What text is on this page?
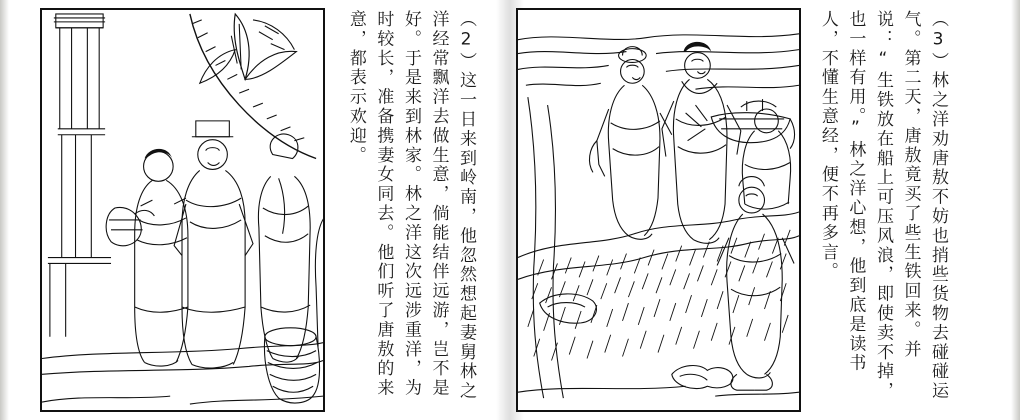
（2）这一日来到岭南，他忽然想起妻舅林之洋经常飘洋去做生意，倘能结伴远游，岂不是好。于是来到林家。林之洋这次远涉重洋，为时较长，准备携妻女同去。他们听了唐敖的来意，都表示欢迎。	（3）林之洋劝唐敖不妨也捎些货物去碰碰运气。第二天，唐敖竟买了些生铁回来。并说：“生铁放在船上可压风浪，即使卖不掉，也一样有用。”林之洋心想，他到底是读书人，不懂生意经，便不再多言。
